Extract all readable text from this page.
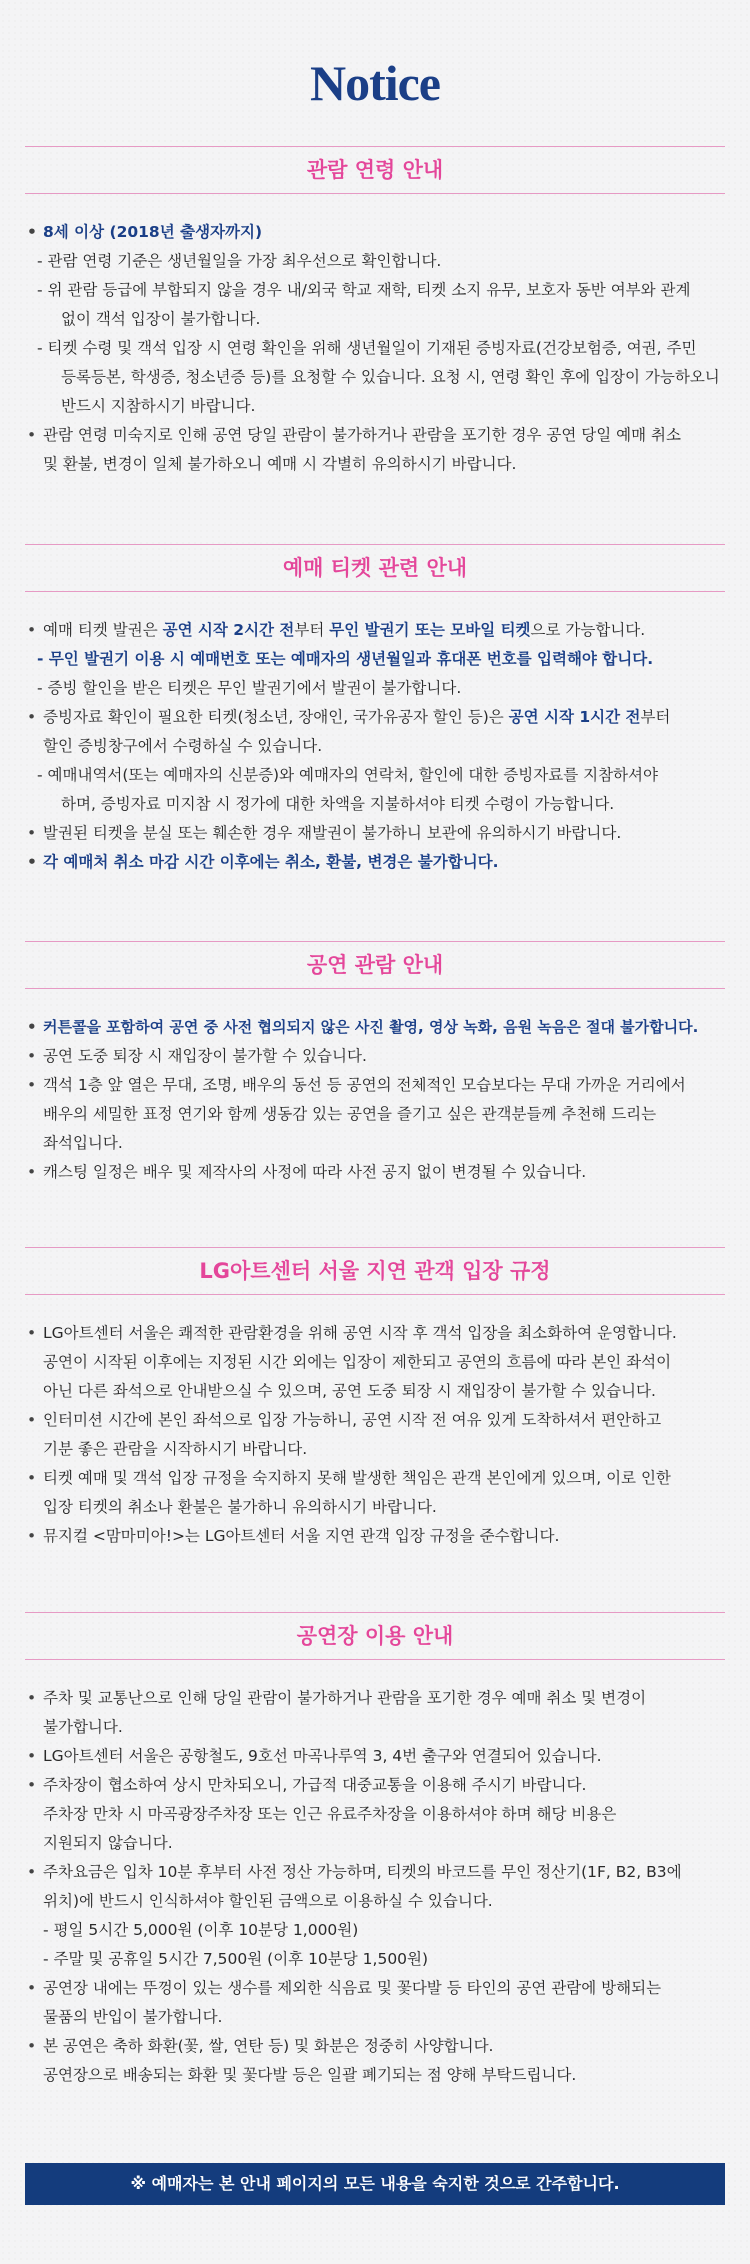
Notice
관람 연령 안내
• 8세 이상 (2018년 출생자까지)
- 관람 연령 기준은 생년월일을 가장 최우선으로 확인합니다.
- 위 관람 등급에 부합되지 않을 경우 내/외국 학교 재학, 티켓 소지 유무, 보호자 동반 여부와 관계
없이 객석 입장이 불가합니다.
- 티켓 수령 및 객석 입장 시 연령 확인을 위해 생년월일이 기재된 증빙자료(건강보험증, 여권, 주민
등록등본, 학생증, 청소년증 등)를 요청할 수 있습니다. 요청 시, 연령 확인 후에 입장이 가능하오니
반드시 지참하시기 바랍니다.
• 관람 연령 미숙지로 인해 공연 당일 관람이 불가하거나 관람을 포기한 경우 공연 당일 예매 취소
및 환불, 변경이 일체 불가하오니 예매 시 각별히 유의하시기 바랍니다.
예매 티켓 관련 안내
• 예매 티켓 발권은 공연 시작 2시간 전부터 무인 발권기 또는 모바일 티켓으로 가능합니다.
- 무인 발권기 이용 시 예매번호 또는 예매자의 생년월일과 휴대폰 번호를 입력해야 합니다.
- 증빙 할인을 받은 티켓은 무인 발권기에서 발권이 불가합니다.
• 증빙자료 확인이 필요한 티켓(청소년, 장애인, 국가유공자 할인 등)은 공연 시작 1시간 전부터
할인 증빙창구에서 수령하실 수 있습니다.
- 예매내역서(또는 예매자의 신분증)와 예매자의 연락처, 할인에 대한 증빙자료를 지참하셔야
하며, 증빙자료 미지참 시 정가에 대한 차액을 지불하셔야 티켓 수령이 가능합니다.
• 발권된 티켓을 분실 또는 훼손한 경우 재발권이 불가하니 보관에 유의하시기 바랍니다.
• 각 예매처 취소 마감 시간 이후에는 취소, 환불, 변경은 불가합니다.
공연 관람 안내
• 커튼콜을 포함하여 공연 중 사전 협의되지 않은 사진 촬영, 영상 녹화, 음원 녹음은 절대 불가합니다.
• 공연 도중 퇴장 시 재입장이 불가할 수 있습니다.
• 객석 1층 앞 열은 무대, 조명, 배우의 동선 등 공연의 전체적인 모습보다는 무대 가까운 거리에서
배우의 세밀한 표정 연기와 함께 생동감 있는 공연을 즐기고 싶은 관객분들께 추천해 드리는
좌석입니다.
• 캐스팅 일정은 배우 및 제작사의 사정에 따라 사전 공지 없이 변경될 수 있습니다.
LG아트센터 서울 지연 관객 입장 규정
• LG아트센터 서울은 쾌적한 관람환경을 위해 공연 시작 후 객석 입장을 최소화하여 운영합니다.
공연이 시작된 이후에는 지정된 시간 외에는 입장이 제한되고 공연의 흐름에 따라 본인 좌석이
아닌 다른 좌석으로 안내받으실 수 있으며, 공연 도중 퇴장 시 재입장이 불가할 수 있습니다.
• 인터미션 시간에 본인 좌석으로 입장 가능하니, 공연 시작 전 여유 있게 도착하셔서 편안하고
기분 좋은 관람을 시작하시기 바랍니다.
• 티켓 예매 및 객석 입장 규정을 숙지하지 못해 발생한 책임은 관객 본인에게 있으며, 이로 인한
입장 티켓의 취소나 환불은 불가하니 유의하시기 바랍니다.
• 뮤지컬 <맘마미아!>는 LG아트센터 서울 지연 관객 입장 규정을 준수합니다.
공연장 이용 안내
• 주차 및 교통난으로 인해 당일 관람이 불가하거나 관람을 포기한 경우 예매 취소 및 변경이
불가합니다.
• LG아트센터 서울은 공항철도, 9호선 마곡나루역 3, 4번 출구와 연결되어 있습니다.
• 주차장이 협소하여 상시 만차되오니, 가급적 대중교통을 이용해 주시기 바랍니다.
주차장 만차 시 마곡광장주차장 또는 인근 유료주차장을 이용하셔야 하며 해당 비용은
지원되지 않습니다.
• 주차요금은 입차 10분 후부터 사전 정산 가능하며, 티켓의 바코드를 무인 정산기(1F, B2, B3에
위치)에 반드시 인식하셔야 할인된 금액으로 이용하실 수 있습니다.
- 평일 5시간 5,000원 (이후 10분당 1,000원)
- 주말 및 공휴일 5시간 7,500원 (이후 10분당 1,500원)
• 공연장 내에는 뚜껑이 있는 생수를 제외한 식음료 및 꽃다발 등 타인의 공연 관람에 방해되는
물품의 반입이 불가합니다.
• 본 공연은 축하 화환(꽃, 쌀, 연탄 등) 및 화분은 정중히 사양합니다.
공연장으로 배송되는 화환 및 꽃다발 등은 일괄 폐기되는 점 양해 부탁드립니다.
※ 예매자는 본 안내 페이지의 모든 내용을 숙지한 것으로 간주합니다.
